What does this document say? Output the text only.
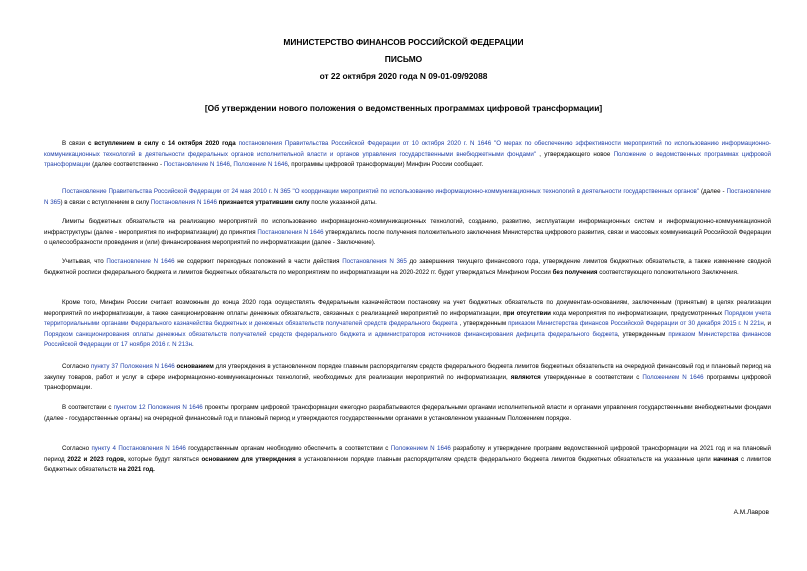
МИНИСТЕРСТВО ФИНАНСОВ РОССИЙСКОЙ ФЕДЕРАЦИИ
ПИСЬМО
от 22 октября 2020 года N 09-01-09/92088
[Об утверждении нового положения о ведомственных программах цифровой трансформации]
В связи с вступлением в силу с 14 октября 2020 года постановления Правительства Российской Федерации от 10 октября 2020 г. N 1646 "О мерах по обеспечению эффективности мероприятий по использованию информационно-коммуникационных технологий в деятельности федеральных органов исполнительной власти и органов управления государственными внебюджетными фондами" , утверждающего новое Положение о ведомственных программах цифровой трансформации (далее соответственно - Постановление N 1646, Положение N 1646, программы цифровой трансформации) Минфин России сообщает.
Постановление Правительства Российской Федерации от 24 мая 2010 г. N 365 "О координации мероприятий по использованию информационно-коммуникационных технологий в деятельности государственных органов" (далее - Постановление N 365) в связи с вступлением в силу Постановления N 1646 признается утратившим силу после указанной даты.
Лимиты бюджетных обязательств на реализацию мероприятий по использованию информационно-коммуникационных технологий, созданию, развитию, эксплуатации информационных систем и информационно-коммуникационной инфраструктуры (далее - мероприятия по информатизации) до принятия Постановления N 1646 утверждались после получения положительного заключения Министерства цифрового развития, связи и массовых коммуникаций Российской Федерации о целесообразности проведения и (или) финансирования мероприятий по информатизации (далее - Заключение).
Учитывая, что Постановление N 1646 не содержит переходных положений в части действия Постановления N 365 до завершения текущего финансового года, утверждение лимитов бюджетных обязательств, а также изменение сводной бюджетной росписи федерального бюджета и лимитов бюджетных обязательств по мероприятиям по информатизации на 2020-2022 гг. будет утверждаться Минфином России без получения соответствующего положительного Заключения.
Кроме того, Минфин России считает возможным до конца 2020 года осуществлять Федеральным казначейством постановку на учет бюджетных обязательств по документам-основаниям, заключенным (принятым) в целях реализации мероприятий по информатизации, а также санкционирование оплаты денежных обязательств, связанных с реализацией мероприятий по информатизации, при отсутствии кода мероприятия по информатизации, предусмотренных Порядком учета территориальными органами Федерального казначейства бюджетных и денежных обязательств получателей средств федерального бюджета , утвержденным приказом Министерства финансов Российской Федерации от 30 декабря 2015 г. N 221н, и Порядком санкционирования оплаты денежных обязательств получателей средств федерального бюджета и администраторов источников финансирования дефицита федерального бюджета, утвержденным приказом Министерства финансов Российской Федерации от 17 ноября 2016 г. N 213н.
Согласно пункту 37 Положения N 1646 основанием для утверждения в установленном порядке главным распорядителям средств федерального бюджета лимитов бюджетных обязательств на очередной финансовый год и плановый период на закупку товаров, работ и услуг в сфере информационно-коммуникационных технологий, необходимых для реализации мероприятий по информатизации, являются утвержденные в соответствии с Положением N 1646 программы цифровой трансформации.
В соответствии с пунктом 12 Положения N 1646 проекты программ цифровой трансформации ежегодно разрабатываются федеральными органами исполнительной власти и органами управления государственными внебюджетными фондами (далее - государственные органы) на очередной финансовый год и плановый период и утверждаются государственными органами в установленном указанным Положением порядке.
Согласно пункту 4 Постановления N 1646 государственным органам необходимо обеспечить в соответствии с Положением N 1646 разработку и утверждение программ ведомственной цифровой трансформации на 2021 год и на плановый период 2022 и 2023 годов, которые будут являться основанием для утверждения в установленном порядке главным распорядителям средств федерального бюджета лимитов бюджетных обязательств на указанные цели начиная с лимитов бюджетных обязательств на 2021 год.
А.М.Лавров
